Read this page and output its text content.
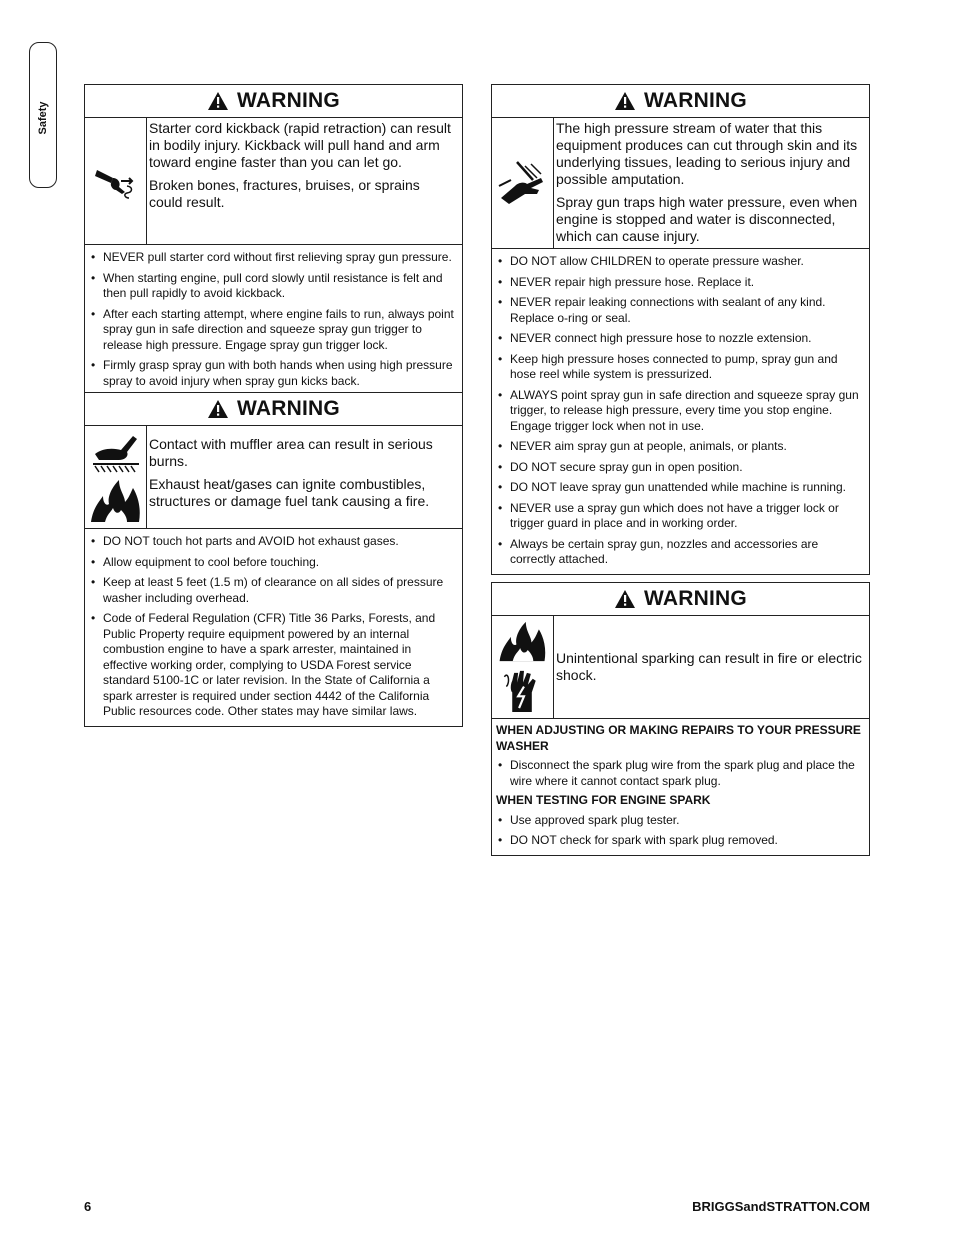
Safety
WARNING

Starter cord kickback (rapid retraction) can result in bodily injury. Kickback will pull hand and arm toward engine faster than you can let go.

Broken bones, fractures, bruises, or sprains could result.

• NEVER pull starter cord without first relieving spray gun pressure.
• When starting engine, pull cord slowly until resistance is felt and then pull rapidly to avoid kickback.
• After each starting attempt, where engine fails to run, always point spray gun in safe direction and squeeze spray gun trigger to release high pressure. Engage spray gun trigger lock.
• Firmly grasp spray gun with both hands when using high pressure spray to avoid injury when spray gun kicks back.
WARNING

Contact with muffler area can result in serious burns.

Exhaust heat/gases can ignite combustibles, structures or damage fuel tank causing a fire.

• DO NOT touch hot parts and AVOID hot exhaust gases.
• Allow equipment to cool before touching.
• Keep at least 5 feet (1.5 m) of clearance on all sides of pressure washer including overhead.
• Code of Federal Regulation (CFR) Title 36 Parks, Forests, and Public Property require equipment powered by an internal combustion engine to have a spark arrester, maintained in effective working order, complying to USDA Forest service standard 5100-1C or later revision. In the State of California a spark arrester is required under section 4442 of the California Public resources code. Other states may have similar laws.
WARNING

The high pressure stream of water that this equipment produces can cut through skin and its underlying tissues, leading to serious injury and possible amputation.

Spray gun traps high water pressure, even when engine is stopped and water is disconnected, which can cause injury.

• DO NOT allow CHILDREN to operate pressure washer.
• NEVER repair high pressure hose. Replace it.
• NEVER repair leaking connections with sealant of any kind. Replace o-ring or seal.
• NEVER connect high pressure hose to nozzle extension.
• Keep high pressure hoses connected to pump, spray gun and hose reel while system is pressurized.
• ALWAYS point spray gun in safe direction and squeeze spray gun trigger, to release high pressure, every time you stop engine. Engage trigger lock when not in use.
• NEVER aim spray gun at people, animals, or plants.
• DO NOT secure spray gun in open position.
• DO NOT leave spray gun unattended while machine is running.
• NEVER use a spray gun which does not have a trigger lock or trigger guard in place and in working order.
• Always be certain spray gun, nozzles and accessories are correctly attached.
WARNING

Unintentional sparking can result in fire or electric shock.

WHEN ADJUSTING OR MAKING REPAIRS TO YOUR PRESSURE WASHER
• Disconnect the spark plug wire from the spark plug and place the wire where it cannot contact spark plug.
WHEN TESTING FOR ENGINE SPARK
• Use approved spark plug tester.
• DO NOT check for spark with spark plug removed.
6	BRIGGSandSTRATTON.COM
